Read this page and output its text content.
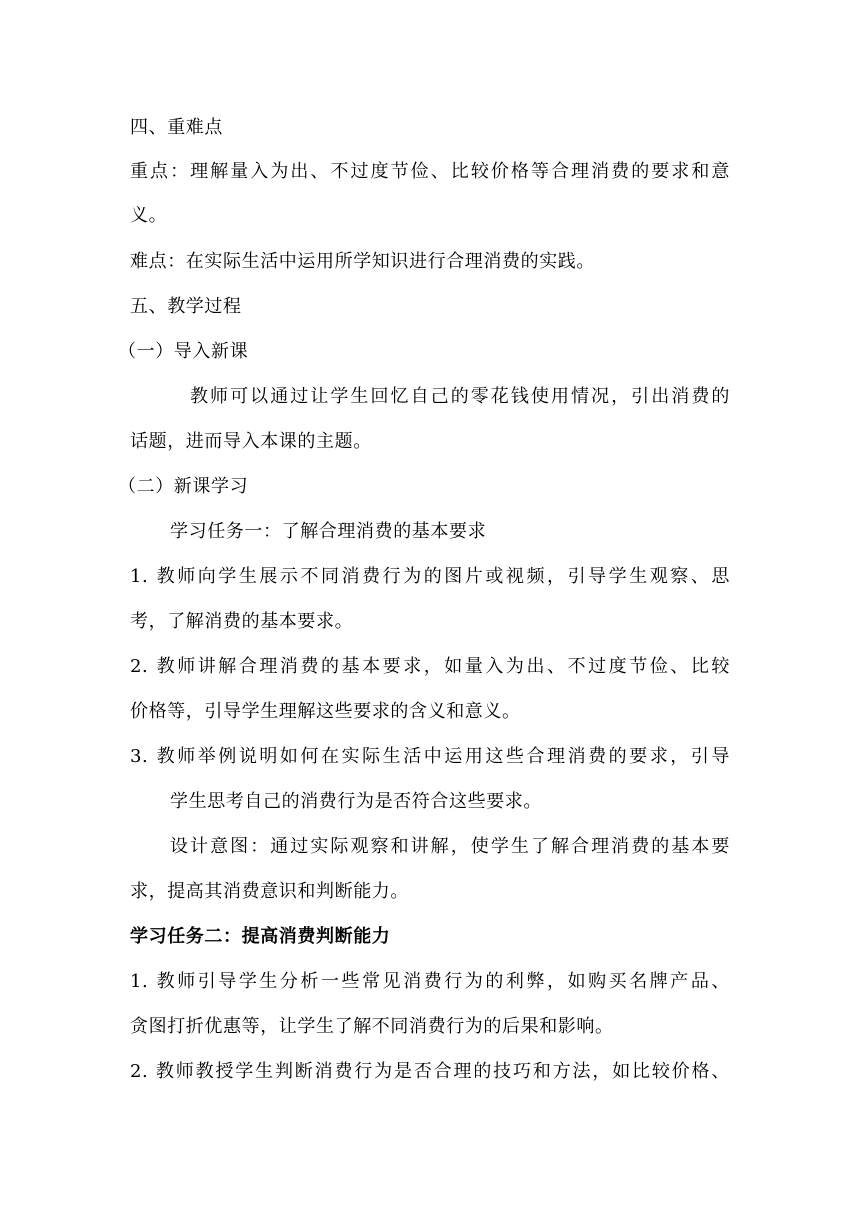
四、重难点
重点：理解量入为出、不过度节俭、比较价格等合理消费的要求和意
义。
难点：在实际生活中运用所学知识进行合理消费的实践。
五、教学过程
（一）导入新课
教师可以通过让学生回忆自己的零花钱使用情况，引出消费的
话题，进而导入本课的主题。
（二）新课学习
学习任务一：了解合理消费的基本要求
1. 教师向学生展示不同消费行为的图片或视频，引导学生观察、思
考，了解消费的基本要求。
2. 教师讲解合理消费的基本要求，如量入为出、不过度节俭、比较
价格等，引导学生理解这些要求的含义和意义。
3. 教师举例说明如何在实际生活中运用这些合理消费的要求，引导
学生思考自己的消费行为是否符合这些要求。
设计意图：通过实际观察和讲解，使学生了解合理消费的基本要
求，提高其消费意识和判断能力。
学习任务二：提高消费判断能力
1. 教师引导学生分析一些常见消费行为的利弊，如购买名牌产品、
贪图打折优惠等，让学生了解不同消费行为的后果和影响。
2. 教师教授学生判断消费行为是否合理的技巧和方法，如比较价格、
